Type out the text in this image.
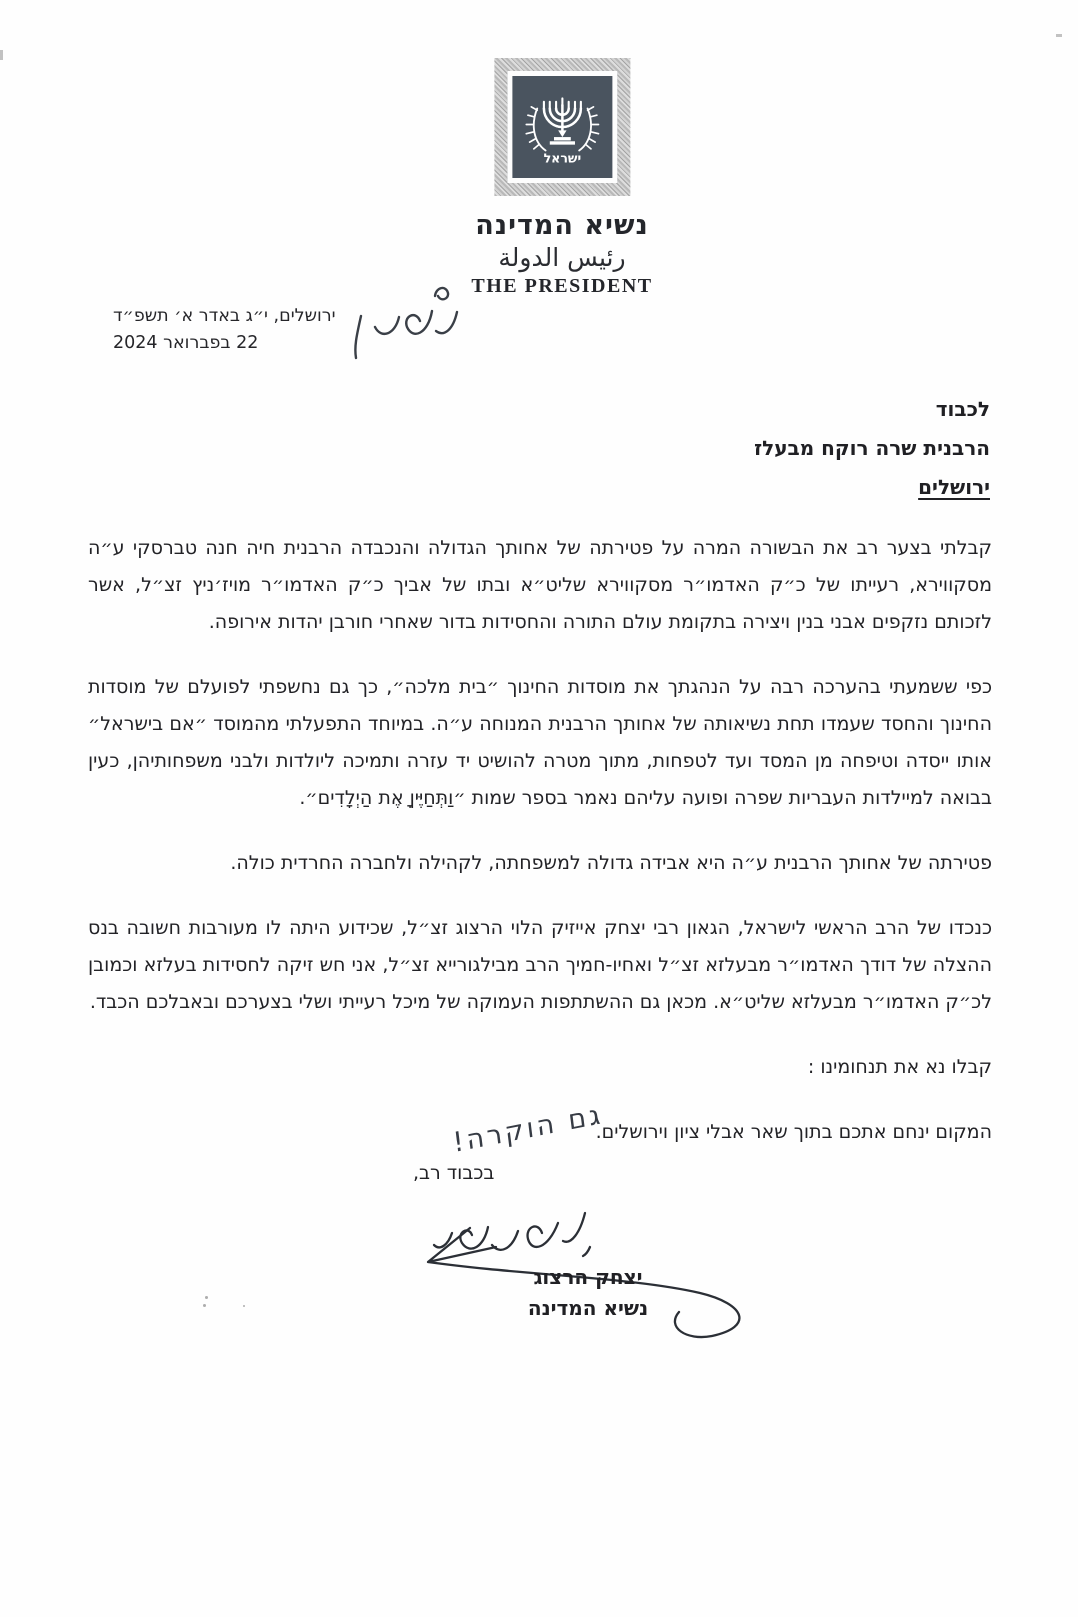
ישראל
נשיא המדינה
رئيس الدولة
THE PRESIDENT
ירושלים, י״ג באדר א׳ תשפ״ד
22 בפברואר 2024
לכבוד
הרבנית שרה רוקח מבעלז
ירושלים

קבלתי בצער רב את הבשורה המרה על פטירתה של אחותך הגדולה והנכבדה הרבנית חיה חנה טברסקי ע״ה מסקווירא, רעייתו של כ״ק האדמו״ר מסקווירא שליט״א ובתו של אביך כ״ק האדמו״ר מויז׳ניץ זצ״ל, אשר לזכותם נזקפים אבני בנין ויצירה בתקומת עולם התורה והחסידות בדור שאחרי חורבן יהדות אירופה.

כפי ששמעתי בהערכה רבה על הנהגתך את מוסדות החינוך ״בית מלכה״, כך גם נחשפתי לפועלם של מוסדות החינוך והחסד שעמדו תחת נשיאותה של אחותך הרבנית המנוחה ע״ה. במיוחד התפעלתי מהמוסד ״אם בישראל״ אותו ייסדה וטיפחה מן המסד ועד לטפחות, מתוך מטרה להושיט יד עזרה ותמיכה ליולדות ולבני משפחותיהן, כעין בבואה למיילדות העבריות שפרה ופועה עליהם נאמר בספר שמות ״וַתְּחַיֶּיןָ אֶת הַיְלָדִים״.

פטירתה של אחותך הרבנית ע״ה היא אבידה גדולה למשפחתה, לקהילה ולחברה החרדית כולה.

כנכדו של הרב הראשי לישראל, הגאון רבי יצחק אייזיק הלוי הרצוג זצ״ל, שכידוע היתה לו מעורבות חשובה בנס ההצלה של דודך האדמו״ר מבעלזא זצ״ל ואחיו-חמיך הרב מבילגורייא זצ״ל, אני חש זיקה לחסידות בעלזא וכמובן לכ״ק האדמו״ר מבעלזא שליט״א. מכאן גם ההשתתפות העמוקה של מיכל רעייתי ושלי בצערכם ובאבלכם הכבד.

קבלו נא את תנחומינו :

המקום ינחם אתכם בתוך שאר אבלי ציון וירושלים.

בכבוד רב,
גם הוקרה!
יצחק הרצוג
נשיא המדינה
